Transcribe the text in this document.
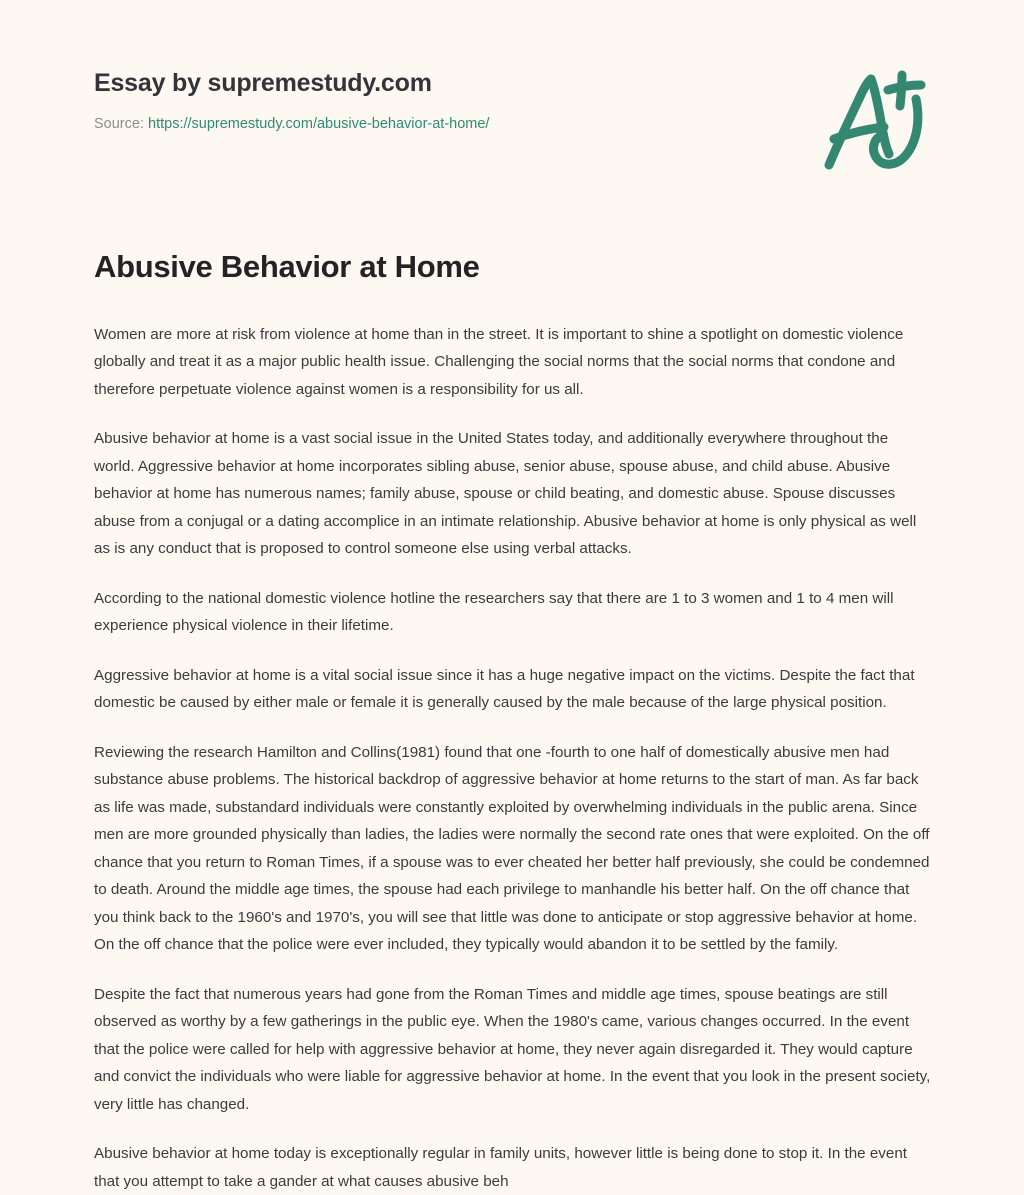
Essay by supremestudy.com
Source: https://supremestudy.com/abusive-behavior-at-home/
Abusive Behavior at Home

Women are more at risk from violence at home than in the street. It is important to shine a spotlight on domestic violence globally and treat it as a major public health issue. Challenging the social norms that the social norms that condone and therefore perpetuate violence against women is a responsibility for us all.

Abusive behavior at home is a vast social issue in the United States today, and additionally everywhere throughout the world. Aggressive behavior at home incorporates sibling abuse, senior abuse, spouse abuse, and child abuse. Abusive behavior at home has numerous names; family abuse, spouse or child beating, and domestic abuse. Spouse discusses abuse from a conjugal or a dating accomplice in an intimate relationship. Abusive behavior at home is only physical as well as is any conduct that is proposed to control someone else using verbal attacks.

According to the national domestic violence hotline the researchers say that there are 1 to 3 women and 1 to 4 men will experience physical violence in their lifetime.

Aggressive behavior at home is a vital social issue since it has a huge negative impact on the victims. Despite the fact that domestic be caused by either male or female it is generally caused by the male because of the large physical position.

Reviewing the research Hamilton and Collins(1981) found that one -fourth to one half of domestically abusive men had substance abuse problems. The historical backdrop of aggressive behavior at home returns to the start of man. As far back as life was made, substandard individuals were constantly exploited by overwhelming individuals in the public arena. Since men are more grounded physically than ladies, the ladies were normally the second rate ones that were exploited. On the off chance that you return to Roman Times, if a spouse was to ever cheated her better half previously, she could be condemned to death. Around the middle age times, the spouse had each privilege to manhandle his better half. On the off chance that you think back to the 1960's and 1970's, you will see that little was done to anticipate or stop aggressive behavior at home. On the off chance that the police were ever included, they typically would abandon it to be settled by the family.

Despite the fact that numerous years had gone from the Roman Times and middle age times, spouse beatings are still observed as worthy by a few gatherings in the public eye. When the 1980's came, various changes occurred. In the event that the police were called for help with aggressive behavior at home, they never again disregarded it. They would capture and convict the individuals who were liable for aggressive behavior at home. In the event that you look in the present society, very little has changed.

Abusive behavior at home today is exceptionally regular in family units, however little is being done to stop it. In the event that you attempt to take a gander at what causes abusive beh
